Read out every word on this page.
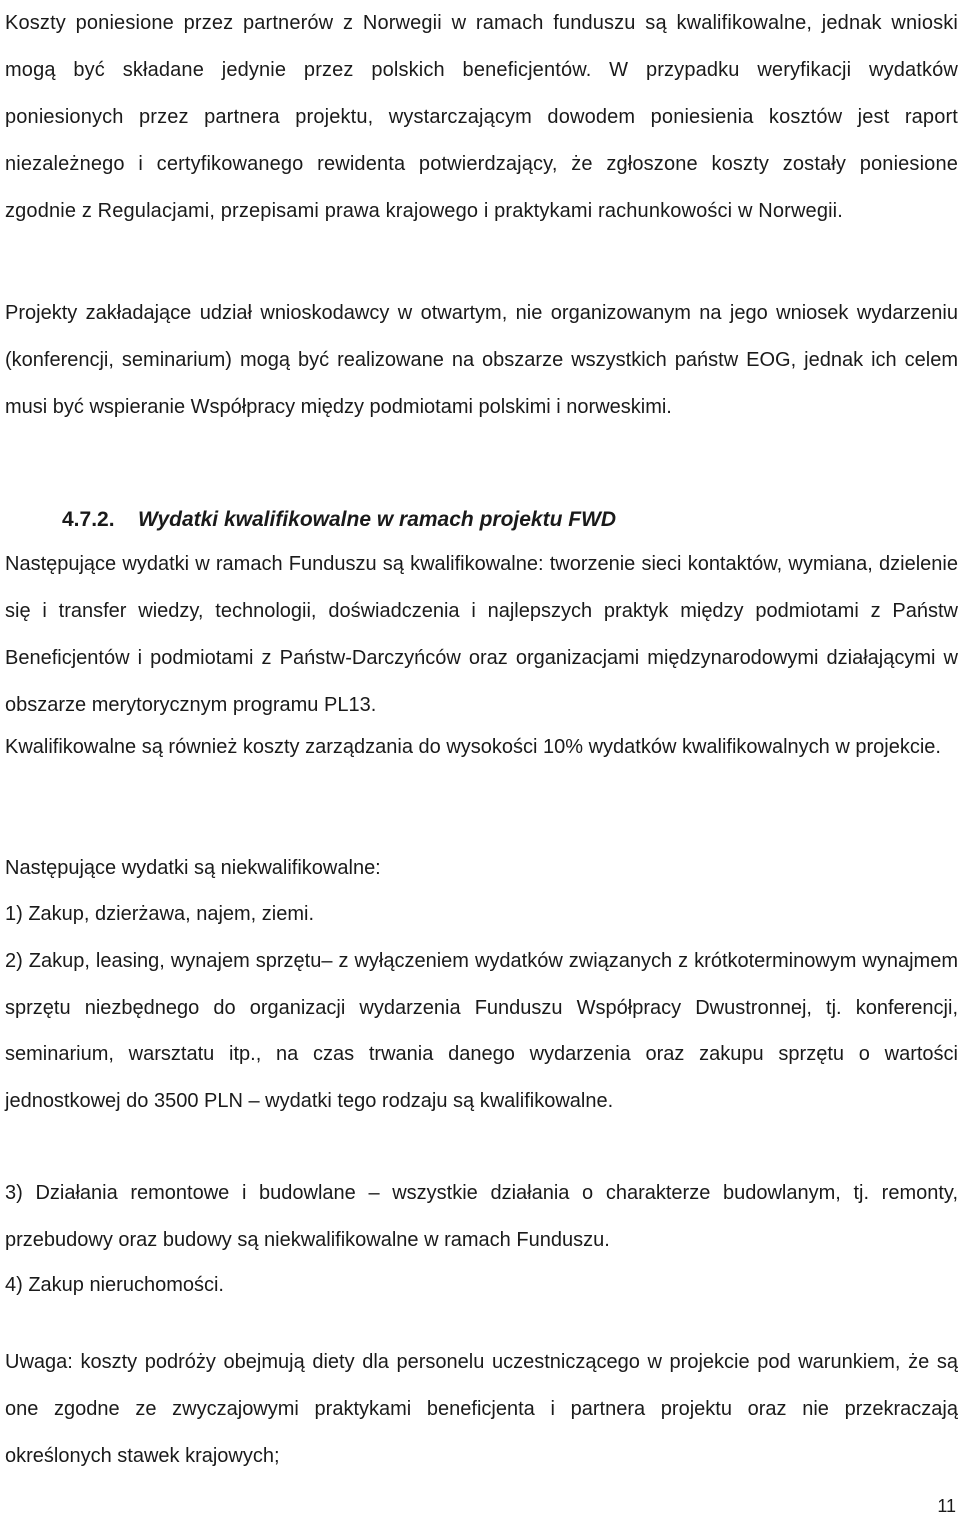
Koszty poniesione przez partnerów z Norwegii w ramach funduszu są kwalifikowalne, jednak wnioski mogą być składane jedynie przez polskich beneficjentów. W przypadku weryfikacji wydatków poniesionych przez partnera projektu, wystarczającym dowodem poniesienia kosztów jest raport niezależnego i certyfikowanego rewidenta potwierdzający, że zgłoszone koszty zostały poniesione zgodnie z Regulacjami, przepisami prawa krajowego i praktykami rachunkowości w Norwegii.

Projekty zakładające udział wnioskodawcy w otwartym, nie organizowanym na jego wniosek wydarzeniu (konferencji, seminarium) mogą być realizowane na obszarze wszystkich państw EOG, jednak ich celem musi być wspieranie Współpracy między podmiotami polskimi i norweskimi.

4.7.2. Wydatki kwalifikowalne w ramach projektu FWD

Następujące wydatki w ramach Funduszu są kwalifikowalne: tworzenie sieci kontaktów, wymiana, dzielenie się i transfer wiedzy, technologii, doświadczenia i najlepszych praktyk między podmiotami z Państw Beneficjentów i podmiotami z Państw-Darczyńców oraz organizacjami międzynarodowymi działającymi w obszarze merytorycznym programu PL13.

Kwalifikowalne są również koszty zarządzania do wysokości 10% wydatków kwalifikowalnych w projekcie.

Następujące wydatki są niekwalifikowalne:

1) Zakup, dzierżawa, najem, ziemi.

2) Zakup, leasing, wynajem sprzętu– z wyłączeniem wydatków związanych z krótkoterminowym wynajmem sprzętu niezbędnego do organizacji wydarzenia Funduszu Współpracy Dwustronnej, tj. konferencji, seminarium, warsztatu itp., na czas trwania danego wydarzenia oraz zakupu sprzętu o wartości jednostkowej do 3500 PLN – wydatki tego rodzaju są kwalifikowalne.

3) Działania remontowe i budowlane – wszystkie działania o charakterze budowlanym, tj. remonty, przebudowy oraz budowy są niekwalifikowalne w ramach Funduszu.

4) Zakup nieruchomości.

Uwaga: koszty podróży obejmują diety dla personelu uczestniczącego w projekcie pod warunkiem, że są one zgodne ze zwyczajowymi praktykami beneficjenta i partnera projektu oraz nie przekraczają określonych stawek krajowych;

11
